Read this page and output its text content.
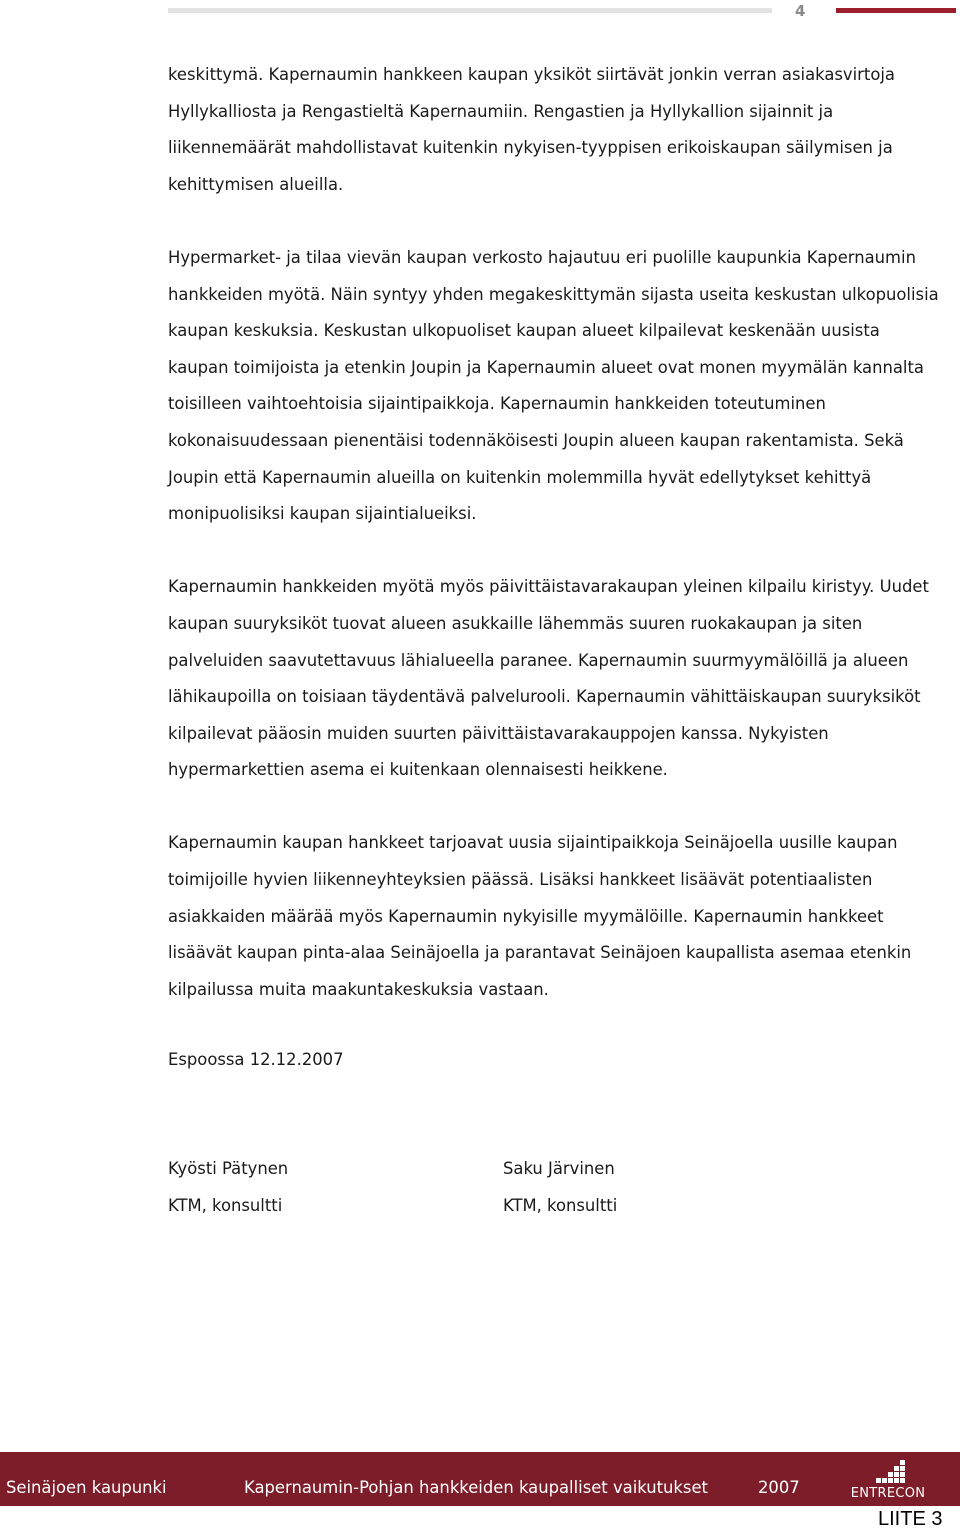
4
keskittymä. Kapernaumin hankkeen kaupan yksiköt siirtävät jonkin verran asiakasvirtoja
Hyllykalliosta ja Rengastieltä Kapernaumiin. Rengastien ja Hyllykallion sijainnit ja
liikennemäärät mahdollistavat kuitenkin nykyisen-tyyppisen erikoiskaupan säilymisen ja
kehittymisen alueilla.
Hypermarket- ja tilaa vievän kaupan verkosto hajautuu eri puolille kaupunkia Kapernaumin
hankkeiden myötä. Näin syntyy yhden megakeskittymän sijasta useita keskustan ulkopuolisia
kaupan keskuksia. Keskustan ulkopuoliset kaupan alueet kilpailevat keskenään uusista
kaupan toimijoista ja etenkin Joupin ja Kapernaumin alueet ovat monen myymälän kannalta
toisilleen vaihtoehtoisia sijaintipaikkoja. Kapernaumin hankkeiden toteutuminen
kokonaisuudessaan pienentäisi todennäköisesti Joupin alueen kaupan rakentamista. Sekä
Joupin että Kapernaumin alueilla on kuitenkin molemmilla hyvät edellytykset kehittyä
monipuolisiksi kaupan sijaintialueiksi.
Kapernaumin hankkeiden myötä myös päivittäistavarakaupan yleinen kilpailu kiristyy. Uudet
kaupan suuryksiköt tuovat alueen asukkaille lähemmäs suuren ruokakaupan ja siten
palveluiden saavutettavuus lähialueella paranee. Kapernaumin suurmyymälöillä ja alueen
lähikaupoilla on toisiaan täydentävä palvelurooli. Kapernaumin vähittäiskaupan suuryksiköt
kilpailevat pääosin muiden suurten päivittäistavarakauppojen kanssa. Nykyisten
hypermarkettien asema ei kuitenkaan olennaisesti heikkene.
Kapernaumin kaupan hankkeet tarjoavat uusia sijaintipaikkoja Seinäjoella uusille kaupan
toimijoille hyvien liikenneyhteyksien päässä. Lisäksi hankkeet lisäävät potentiaalisten
asiakkaiden määrää myös Kapernaumin nykyisille myymälöille. Kapernaumin hankkeet
lisäävät kaupan pinta-alaa Seinäjoella ja parantavat Seinäjoen kaupallista asemaa etenkin
kilpailussa muita maakuntakeskuksia vastaan.
Espoossa 12.12.2007
Kyösti Pätynen
KTM, konsultti
Saku Järvinen
KTM, konsultti
Seinäjoen kaupunki	Kapernaumin-Pohjan hankkeiden kaupalliset vaikutukset	2007	ENTRECON
LIITE 3
